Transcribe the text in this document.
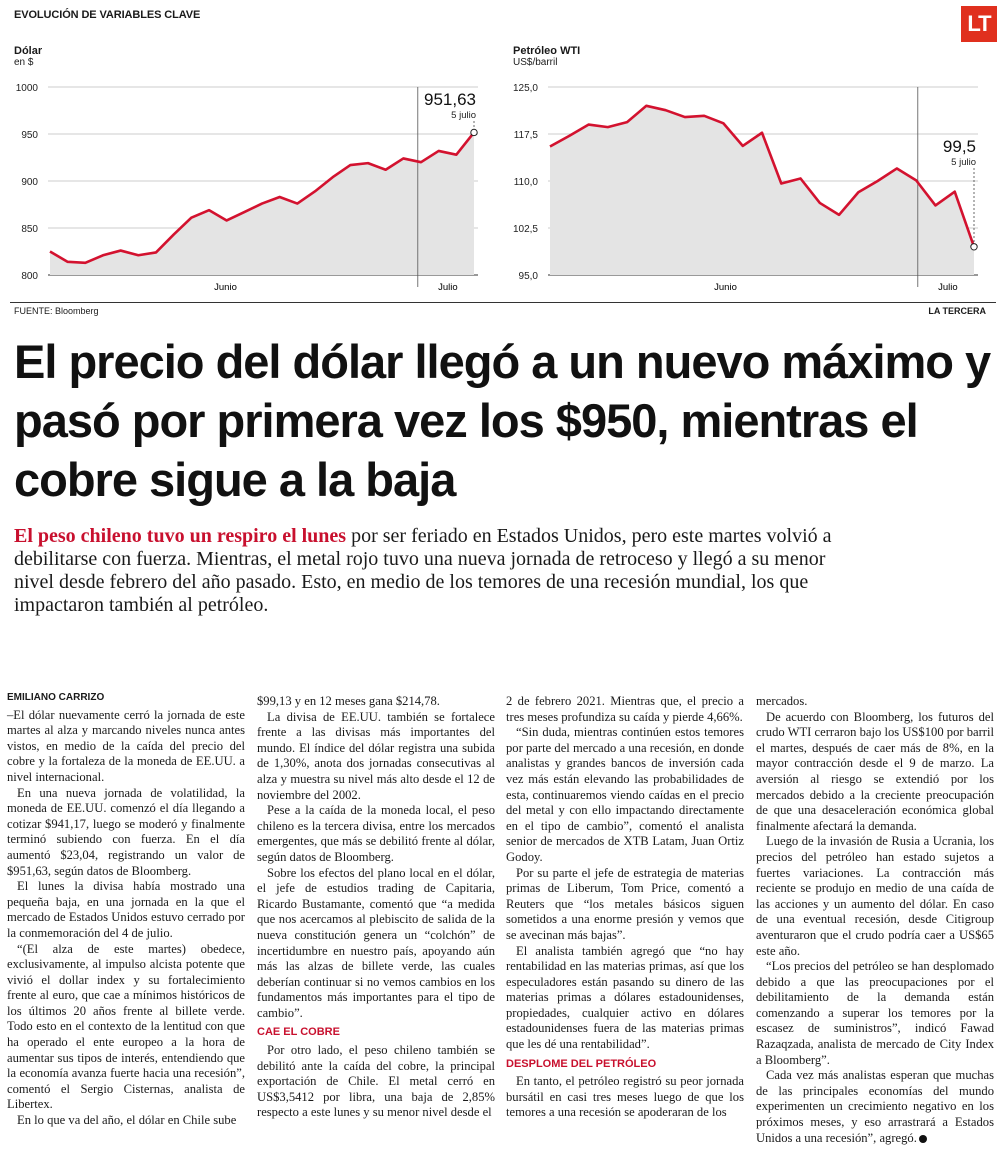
EVOLUCIÓN DE VARIABLES CLAVE	LT
Dólar
en $
800
850
900
950
1000
951,63
5 julio
Junio	Julio
Petróleo WTI
US$/barril
95,0
102,5
110,0
117,5
125,0
99,5
5 julio
Junio	Julio
FUENTE: Bloomberg	LA TERCERA
El precio del dólar llegó a un nuevo máximo y pasó por primera vez los $950, mientras el cobre sigue a la baja
El peso chileno tuvo un respiro el lunes por ser feriado en Estados Unidos, pero este martes volvió a debilitarse con fuerza. Mientras, el metal rojo tuvo una nueva jornada de retroceso y llegó a su menor nivel desde febrero del año pasado. Esto, en medio de los temores de una recesión mundial, los que impactaron también al petróleo.
EMILIANO CARRIZO

–El dólar nuevamente cerró la jornada de este martes al alza y marcando niveles nunca antes vistos, en medio de la caída del precio del cobre y la fortaleza de la moneda de EE.UU. a nivel internacional.

En una nueva jornada de volatilidad, la moneda de EE.UU. comenzó el día llegando a cotizar $941,17, luego se moderó y finalmente terminó subiendo con fuerza. En el día aumentó $23,04, registrando un valor de $951,63, según datos de Bloomberg.

El lunes la divisa había mostrado una pequeña baja, en una jornada en la que el mercado de Estados Unidos estuvo cerrado por la conmemoración del 4 de julio.

“(El alza de este martes) obedece, exclusivamente, al impulso alcista potente que vivió el dollar index y su fortalecimiento frente al euro, que cae a mínimos históricos de los últimos 20 años frente al billete verde. Todo esto en el contexto de la lentitud con que ha operado el ente europeo a la hora de aumentar sus tipos de interés, entendiendo que la economía avanza fuerte hacia una recesión”, comentó el Sergio Cisternas, analista de Libertex.

En lo que va del año, el dólar en Chile sube

$99,13 y en 12 meses gana $214,78.

La divisa de EE.UU. también se fortalece frente a las divisas más importantes del mundo. El índice del dólar registra una subida de 1,30%, anota dos jornadas consecutivas al alza y muestra su nivel más alto desde el 12 de noviembre del 2002.

Pese a la caída de la moneda local, el peso chileno es la tercera divisa, entre los mercados emergentes, que más se debilitó frente al dólar, según datos de Bloomberg.

Sobre los efectos del plano local en el dólar, el jefe de estudios trading de Capitaria, Ricardo Bustamante, comentó que “a medida que nos acercamos al plebiscito de salida de la nueva constitución genera un “colchón” de incertidumbre en nuestro país, apoyando aún más las alzas de billete verde, las cuales deberían continuar si no vemos cambios en los fundamentos más importantes para el tipo de cambio”.

CAE EL COBRE

Por otro lado, el peso chileno también se debilitó ante la caída del cobre, la principal exportación de Chile. El metal cerró en US$3,5412 por libra, una baja de 2,85% respecto a este lunes y su menor nivel desde el

2 de febrero 2021. Mientras que, el precio a tres meses profundiza su caída y pierde 4,66%.

“Sin duda, mientras continúen estos temores por parte del mercado a una recesión, en donde analistas y grandes bancos de inversión cada vez más están elevando las probabilidades de esta, continuaremos viendo caídas en el precio del metal y con ello impactando directamente en el tipo de cambio”, comentó el analista senior de mercados de XTB Latam, Juan Ortiz Godoy.

Por su parte el jefe de estrategia de materias primas de Liberum, Tom Price, comentó a Reuters que “los metales básicos siguen sometidos a una enorme presión y vemos que se avecinan más bajas”.

El analista también agregó que “no hay rentabilidad en las materias primas, así que los especuladores están pasando su dinero de las materias primas a dólares estadounidenses, propiedades, cualquier activo en dólares estadounidenses fuera de las materias primas que les dé una rentabilidad”.

DESPLOME DEL PETRÓLEO

En tanto, el petróleo registró su peor jornada bursátil en casi tres meses luego de que los temores a una recesión se apoderaran de los

mercados.

De acuerdo con Bloomberg, los futuros del crudo WTI cerraron bajo los US$100 por barril el martes, después de caer más de 8%, en la mayor contracción desde el 9 de marzo. La aversión al riesgo se extendió por los mercados debido a la creciente preocupación de que una desaceleración económica global finalmente afectará la demanda.

Luego de la invasión de Rusia a Ucrania, los precios del petróleo han estado sujetos a fuertes variaciones. La contracción más reciente se produjo en medio de una caída de las acciones y un aumento del dólar. En caso de una eventual recesión, desde Citigroup aventuraron que el crudo podría caer a US$65 este año.

“Los precios del petróleo se han desplomado debido a que las preocupaciones por el debilitamiento de la demanda están comenzando a superar los temores por la escasez de suministros”, indicó Fawad Razaqzada, analista de mercado de City Index a Bloomberg”.

Cada vez más analistas esperan que muchas de las principales economías del mundo experimenten un crecimiento negativo en los próximos meses, y eso arrastrará a Estados Unidos a una recesión”, agregó.
